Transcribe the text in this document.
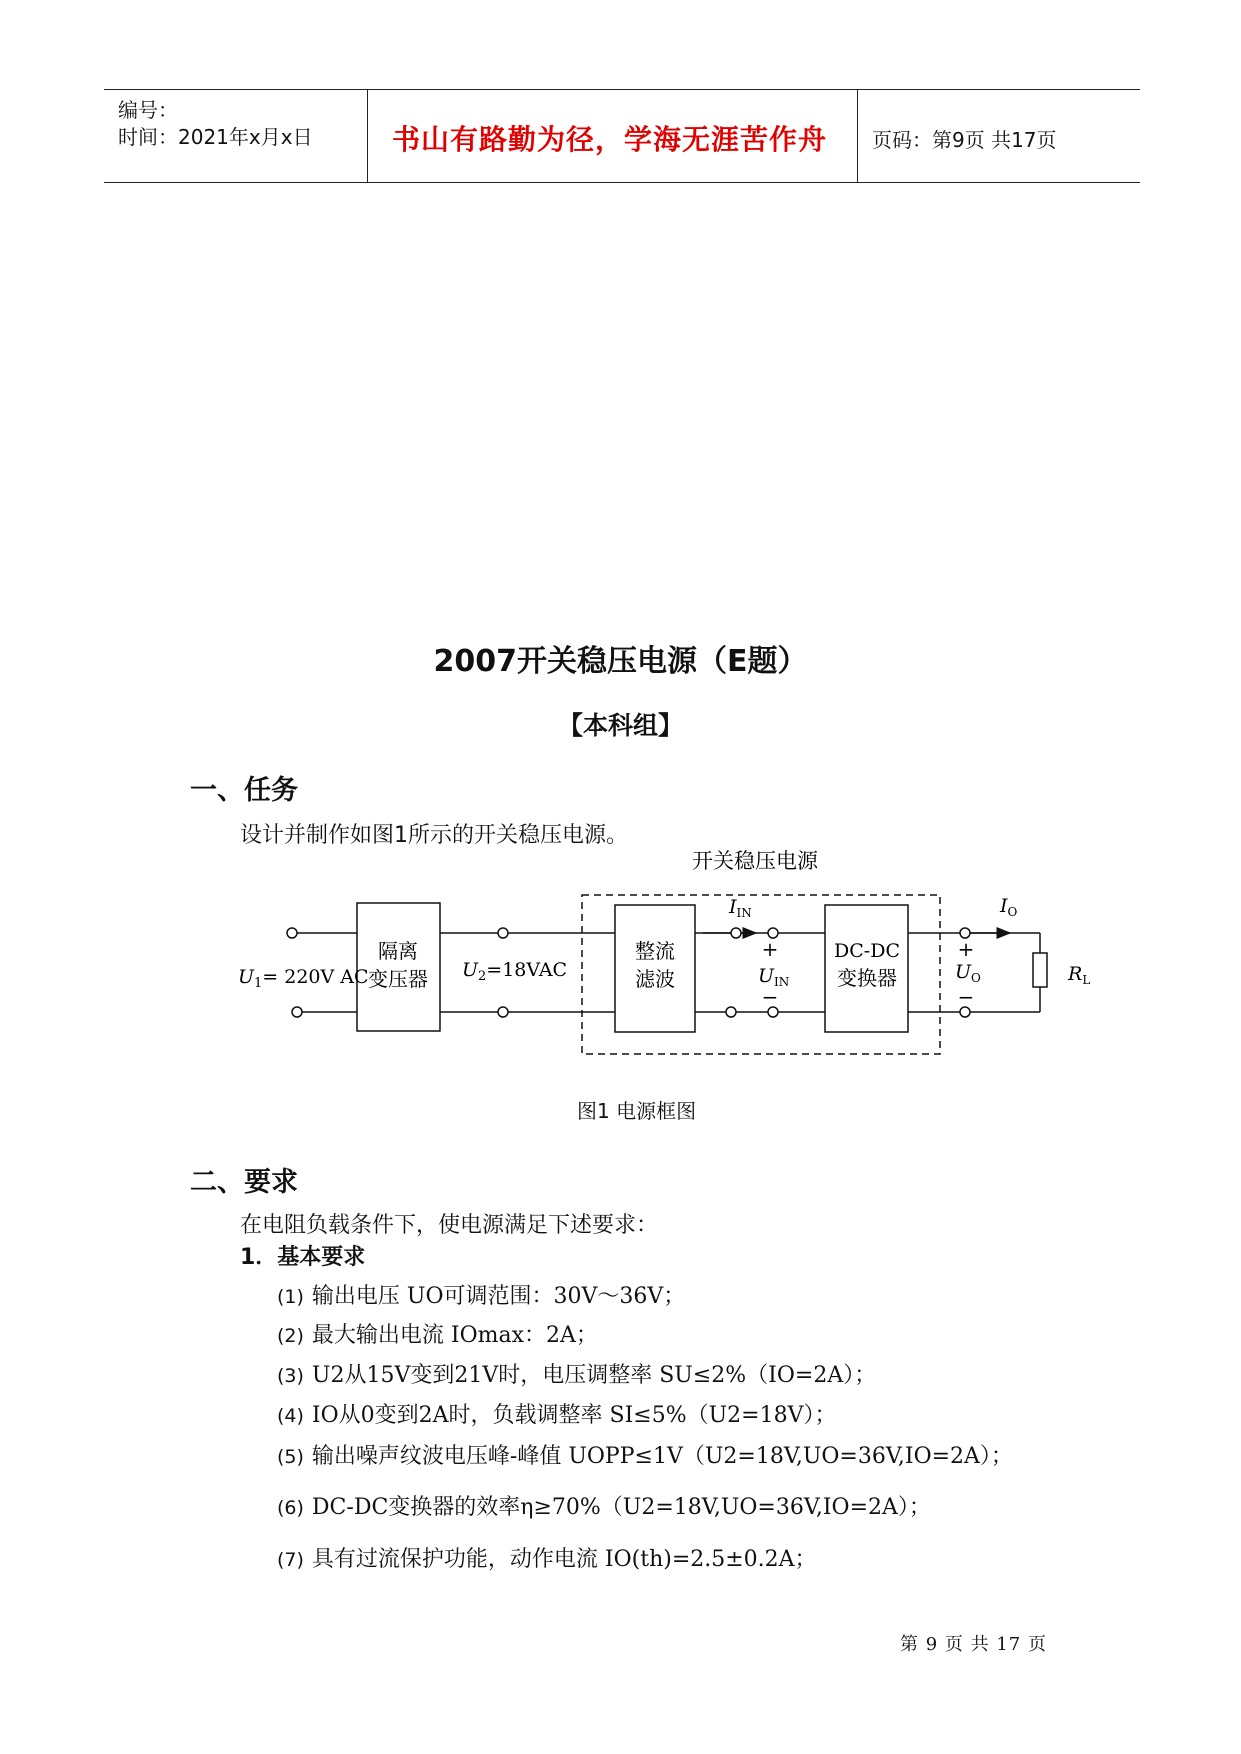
编号：
时间：2021年x月x日	书山有路勤为径，学海无涯苦作舟 页码：第9页 共17页
2007开关稳压电源（E题）
【本科组】
一、任务
设计并制作如图1所示的开关稳压电源。
开关稳压电源
隔离
变压器
$U_1= 220V$ AC	$U_2=18VAC$
整流
滤波
$I_{IN}$
+
$U_{IN}$
−
DC-DC
变换器
$I_O$
+
$U_O$
−
$R_L$
图1 电源框图
二、要求
在电阻负载条件下，使电源满足下述要求：
1．基本要求
(1) 输出电压 UO可调范围：30V～36V；
(2) 最大输出电流 IOmax：2A；
(3) U2从15V变到21V时，电压调整率 SU≤2%（IO=2A）；
(4) IO从0变到2A时，负载调整率 SI≤5%（U2=18V）；
(5) 输出噪声纹波电压峰-峰值 UOPP≤1V（U2=18V,UO=36V,IO=2A）；
(6) DC-DC变换器的效率η≥70%（U2=18V,UO=36V,IO=2A）；
(7) 具有过流保护功能，动作电流 IO(th)=2.5±0.2A；
第 9 页 共 17 页
